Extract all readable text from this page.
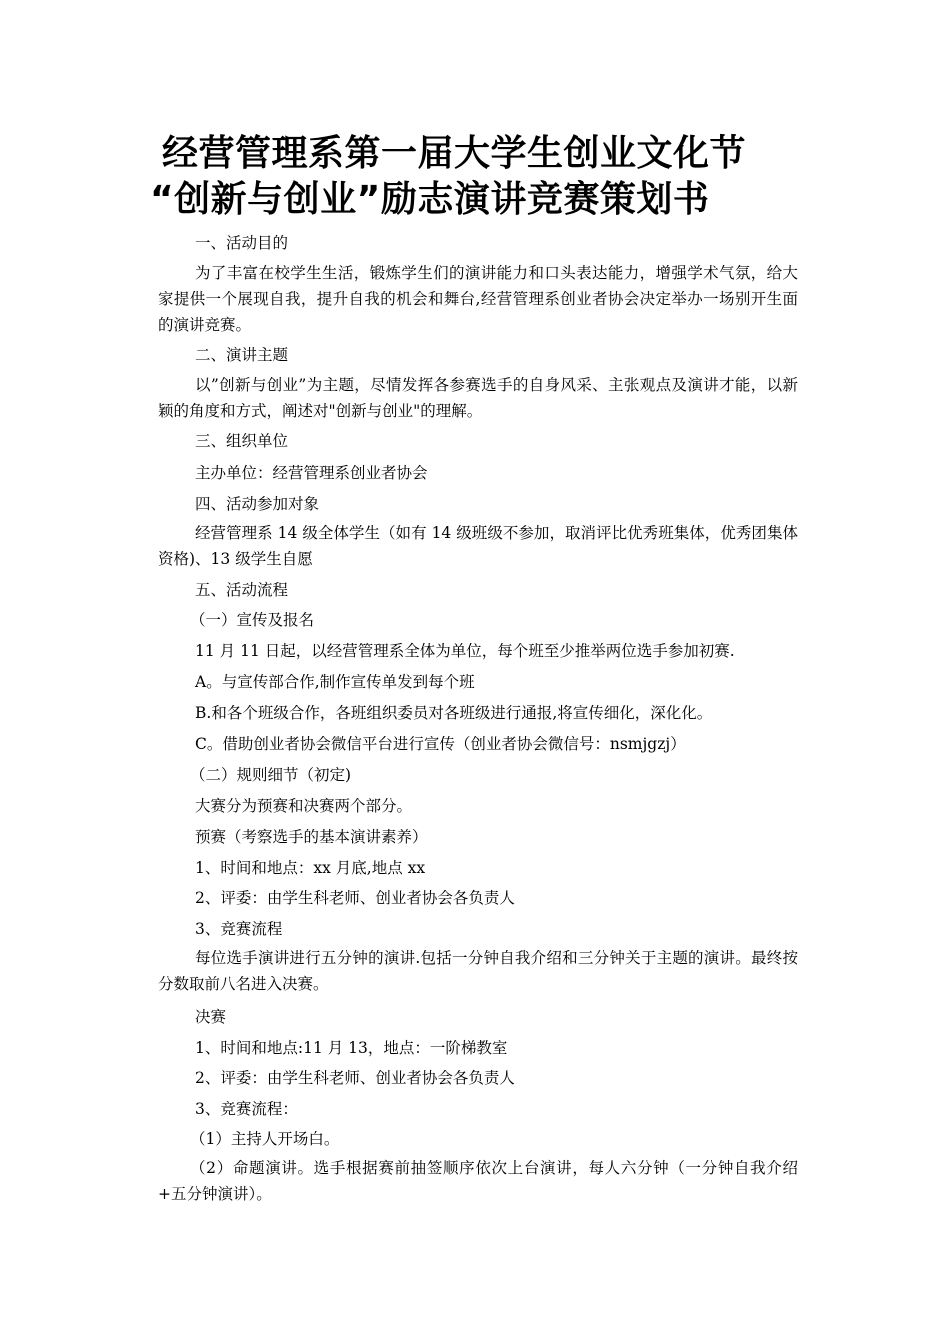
经营管理系第一届大学生创业文化节
“创新与创业”励志演讲竞赛策划书
一、活动目的
为了丰富在校学生生活，锻炼学生们的演讲能力和口头表达能力，增强学术气氛，给大家提供一个展现自我，提升自我的机会和舞台,经营管理系创业者协会决定举办一场别开生面的演讲竞赛。
二、演讲主题
以”创新与创业”为主题，尽情发挥各参赛选手的自身风采、主张观点及演讲才能，以新颖的角度和方式，阐述对"创新与创业"的理解。
三、组织单位
主办单位：经营管理系创业者协会
四、活动参加对象
经营管理系 14 级全体学生（如有 14 级班级不参加，取消评比优秀班集体，优秀团集体资格)、13 级学生自愿
五、活动流程
（一）宣传及报名
11 月 11 日起，以经营管理系全体为单位，每个班至少推举两位选手参加初赛.
A。与宣传部合作,制作宣传单发到每个班
B.和各个班级合作，各班组织委员对各班级进行通报,将宣传细化，深化化。
C。借助创业者协会微信平台进行宣传（创业者协会微信号：nsmjgzj）
（二）规则细节（初定)
大赛分为预赛和决赛两个部分。
预赛（考察选手的基本演讲素养）
1、时间和地点：xx 月底,地点 xx
2、评委：由学生科老师、创业者协会各负责人
3、竞赛流程
每位选手演讲进行五分钟的演讲.包括一分钟自我介绍和三分钟关于主题的演讲。最终按分数取前八名进入决赛。
决赛
1、时间和地点:11 月 13，地点：一阶梯教室
2、评委：由学生科老师、创业者协会各负责人
3、竞赛流程：
（1）主持人开场白。
（2）命题演讲。选手根据赛前抽签顺序依次上台演讲，每人六分钟（一分钟自我介绍+五分钟演讲）。
